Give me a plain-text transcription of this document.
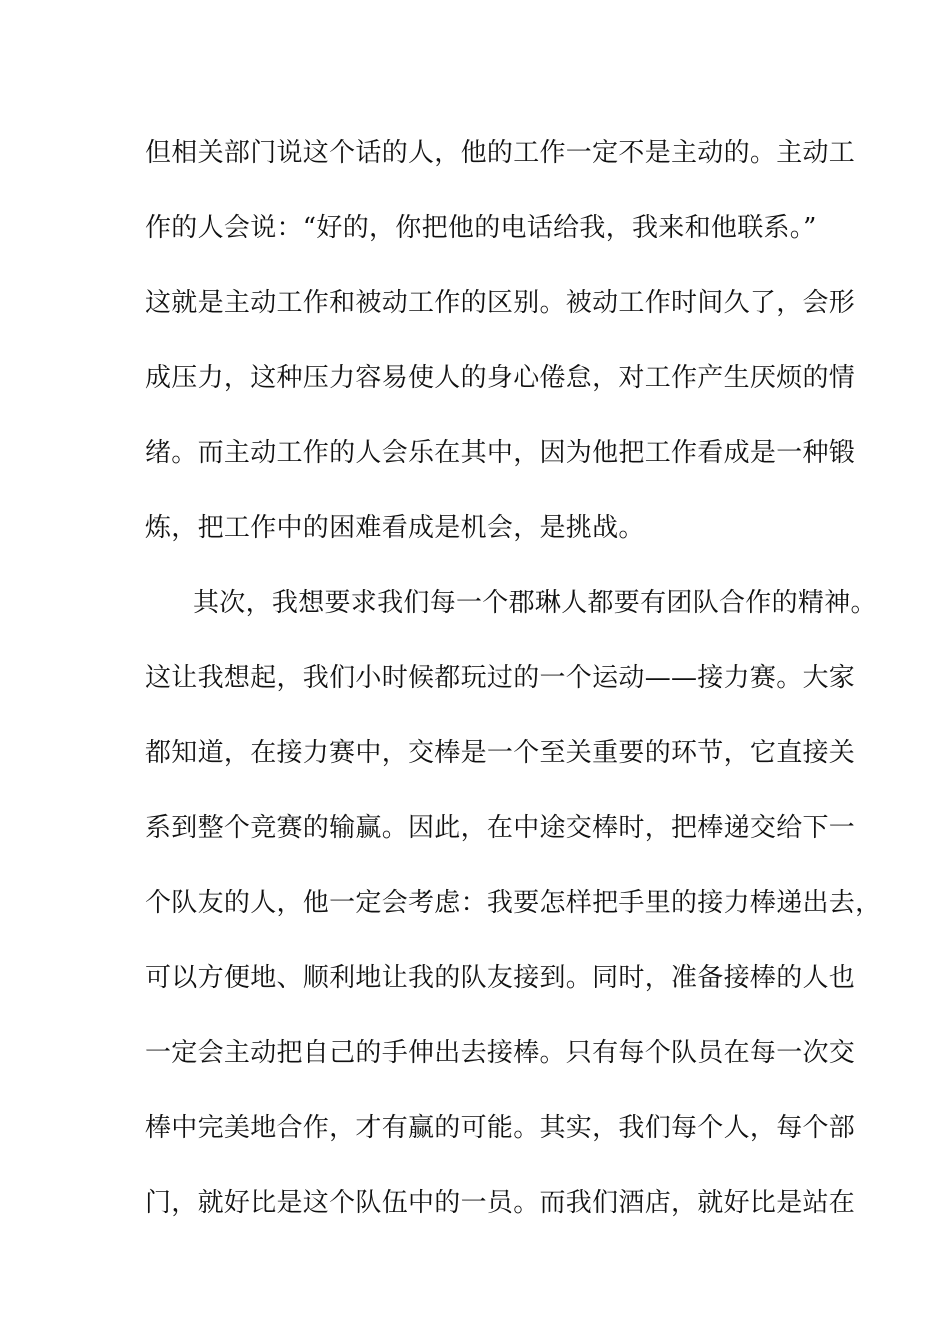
但相关部门说这个话的人，他的工作一定不是主动的。主动工
作的人会说：“好的，你把他的电话给我，我来和他联系。”
这就是主动工作和被动工作的区别。被动工作时间久了，会形
成压力，这种压力容易使人的身心倦怠，对工作产生厌烦的情
绪。而主动工作的人会乐在其中，因为他把工作看成是一种锻
炼，把工作中的困难看成是机会，是挑战。
其次，我想要求我们每一个郡琳人都要有团队合作的精神。
这让我想起，我们小时候都玩过的一个运动——接力赛。大家
都知道，在接力赛中，交棒是一个至关重要的环节，它直接关
系到整个竞赛的输赢。因此，在中途交棒时，把棒递交给下一
个队友的人，他一定会考虑：我要怎样把手里的接力棒递出去，
可以方便地、顺利地让我的队友接到。同时，准备接棒的人也
一定会主动把自己的手伸出去接棒。只有每个队员在每一次交
棒中完美地合作，才有赢的可能。其实，我们每个人，每个部
门，就好比是这个队伍中的一员。而我们酒店，就好比是站在
